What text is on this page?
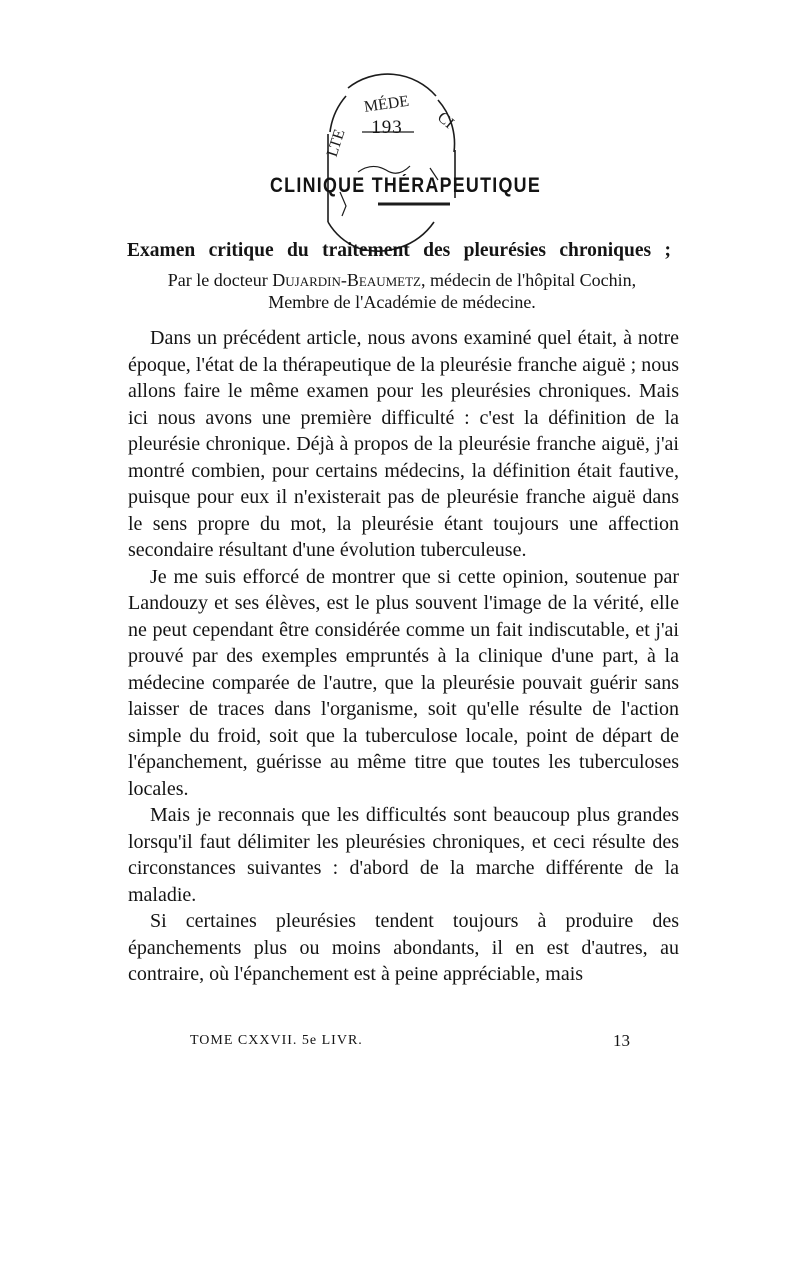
MÉDE
LTE
CI
193
CLINIQUE THÉRAPEUTIQUE
Examen critique du traitement des pleurésies chroniques ;
Par le docteur Dujardin-Beaumetz, médecin de l'hôpital Cochin,
Membre de l'Académie de médecine.

Dans un précédent article, nous avons examiné quel était, à notre époque, l'état de la thérapeutique de la pleurésie franche aiguë ; nous allons faire le même examen pour les pleurésies chroniques. Mais ici nous avons une première difficulté : c'est la définition de la pleurésie chronique. Déjà à propos de la pleurésie franche aiguë, j'ai montré combien, pour certains médecins, la définition était fautive, puisque pour eux il n'existerait pas de pleurésie franche aiguë dans le sens propre du mot, la pleurésie étant toujours une affection secondaire résultant d'une évolution tuberculeuse.

Je me suis efforcé de montrer que si cette opinion, soutenue par Landouzy et ses élèves, est le plus souvent l'image de la vérité, elle ne peut cependant être considérée comme un fait indiscutable, et j'ai prouvé par des exemples empruntés à la clinique d'une part, à la médecine comparée de l'autre, que la pleurésie pouvait guérir sans laisser de traces dans l'organisme, soit qu'elle résulte de l'action simple du froid, soit que la tuberculose locale, point de départ de l'épanchement, guérisse au même titre que toutes les tuberculoses locales.

Mais je reconnais que les difficultés sont beaucoup plus grandes lorsqu'il faut délimiter les pleurésies chroniques, et ceci résulte des circonstances suivantes : d'abord de la marche différente de la maladie.

Si certaines pleurésies tendent toujours à produire des épanchements plus ou moins abondants, il en est d'autres, au contraire, où l'épanchement est à peine appréciable, mais

TOME CXXVII. 5e LIVR.	13
